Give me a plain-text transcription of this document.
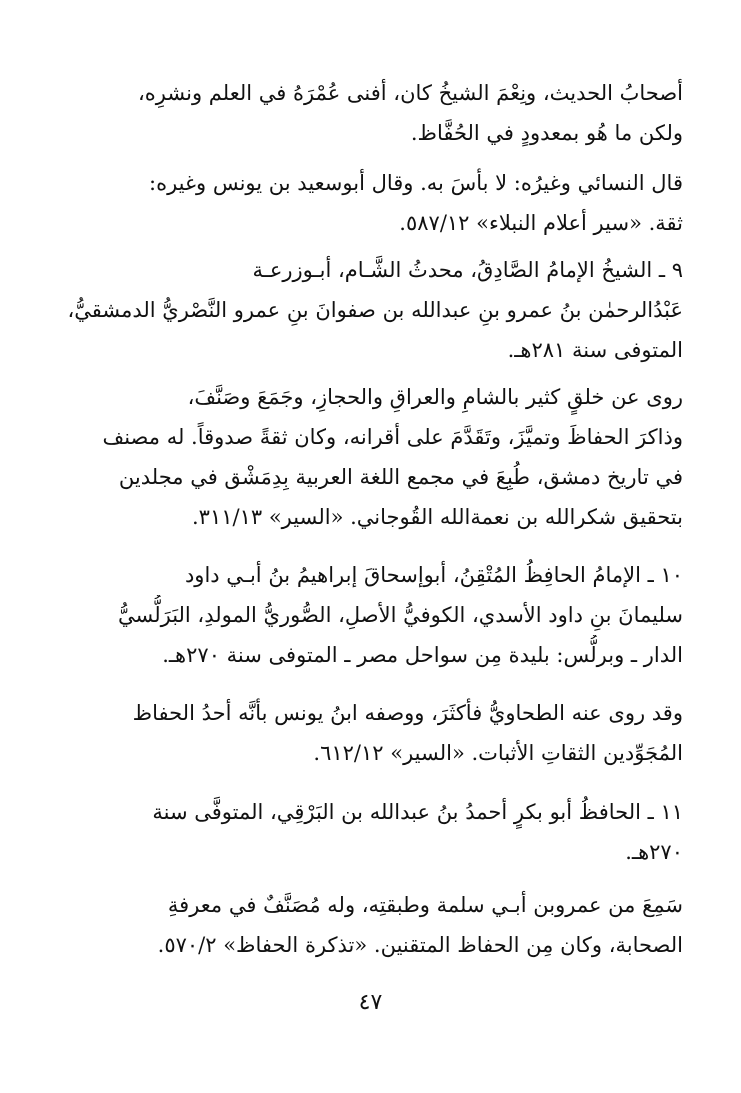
أصحابُ الحديث، ونِعْمَ الشيخُ كان، أفنى عُمْرَهُ في العلم ونشرِه،
ولكن ما هُو بمعدودٍ في الحُفَّاظ.
قال النسائي وغيرُه: لا بأسَ به. وقال أبوسعيد بن يونس وغيره:
ثقة. «سير أعلام النبلاء» ٥٨٧/١٢.
٩ ـ الشيخُ الإمامُ الصَّادِقُ، محدثُ الشَّـام، أبـوزرعـة
عَبْدُالرحمٰن بنُ عمرو بنِ عبدالله بن صفوانَ بنِ عمرو النَّصْريُّ الدمشقيُّ،
المتوفى سنة ٢٨١هـ.
روى عن خلقٍ كثير بالشامِ والعراقِ والحجازِ، وجَمَعَ وصَنَّفَ،
وذاكرَ الحفاظَ وتميَّزَ، وتَقَدَّمَ على أقرانه، وكان ثقةً صدوقاً. له مصنف
في تاريخ دمشق، طُبِعَ في مجمع اللغة العربية بِدِمَشْق في مجلدين
بتحقيق شكرالله بن نعمةالله القُوجاني. «السير» ٣١١/١٣.
١٠ ـ الإمامُ الحافِظُ المُتْقِنُ، أبوإسحاقَ إبراهيمُ بنُ أبـي داود
سليمانَ بنِ داود الأسدي، الكوفيُّ الأصلِ، الصُّوريُّ المولدِ، البَرَلُّسيُّ
الدار ـ وبرلُّس: بليدة مِن سواحل مصر ـ المتوفى سنة ٢٧٠هـ.
وقد روى عنه الطحاويُّ فأكثَرَ، ووصفه ابنُ يونس بأنَّه أحدُ الحفاظ
المُجَوِّدين الثقاتِ الأثبات. «السير» ٦١٢/١٢.
١١ ـ الحافظُ أبو بكرٍ أحمدُ بنُ عبدالله بن البَرْقِي، المتوفَّى سنة
٢٧٠هـ.
سَمِعَ من عمروبن أبـي سلمة وطبقتِه، وله مُصَنَّفٌ في معرفةِ
الصحابة، وكان مِن الحفاظ المتقنين. «تذكرة الحفاظ» ٥٧٠/٢.
٤٧
